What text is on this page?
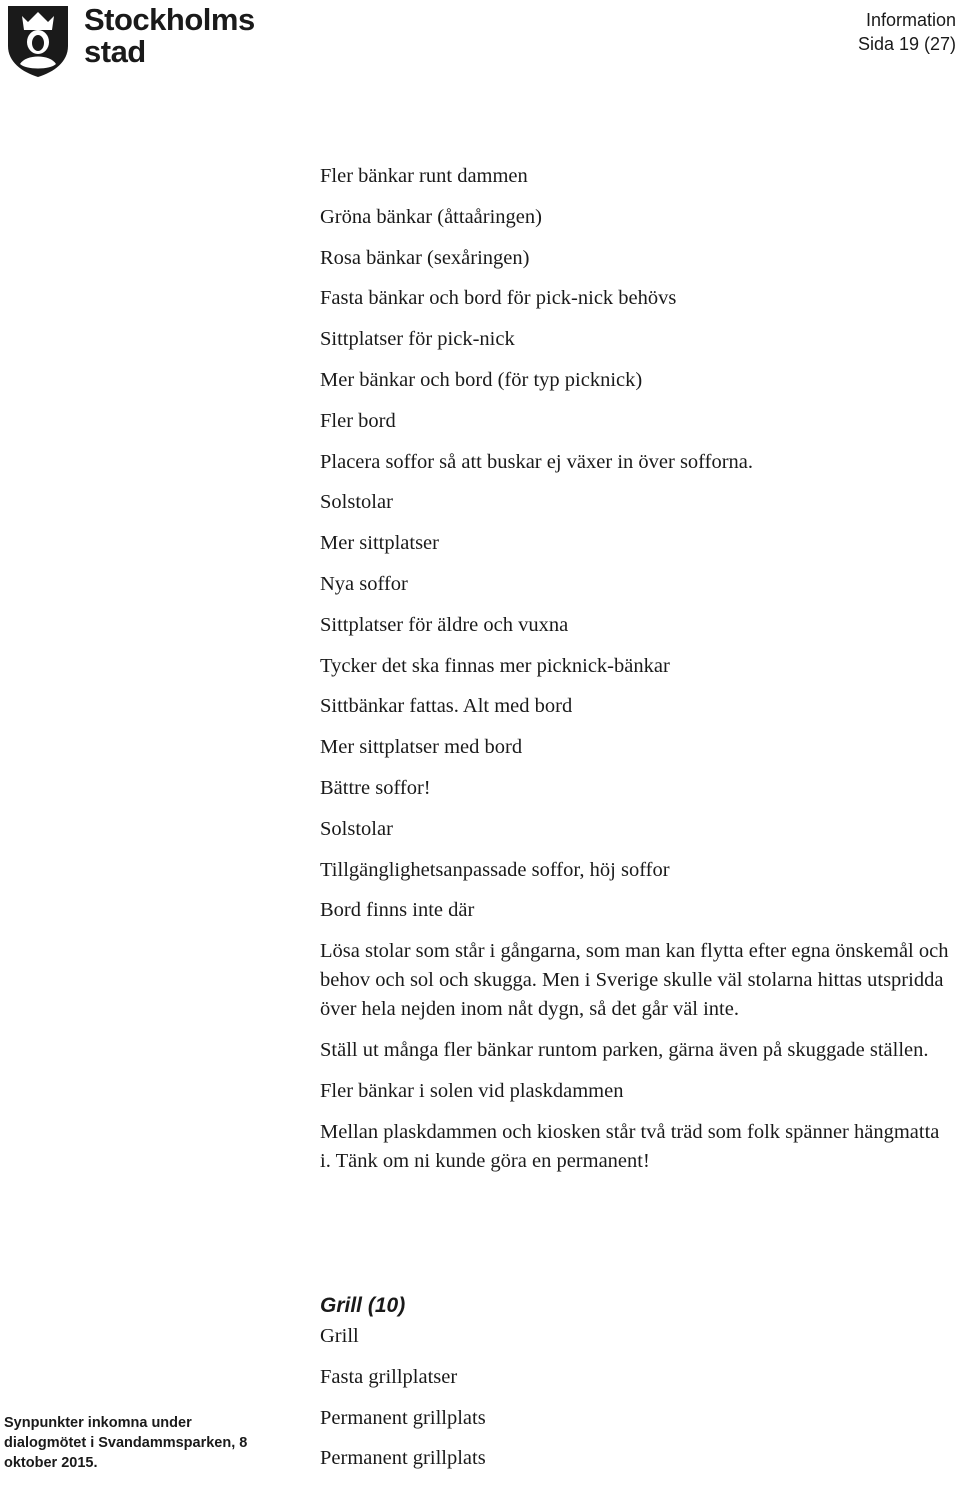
Stockholms
stad
Information
Sida 19 (27)
Fler bänkar runt dammen
Gröna bänkar (åttaåringen)
Rosa bänkar (sexåringen)
Fasta bänkar och bord för pick-nick behövs
Sittplatser för pick-nick
Mer bänkar och bord (för typ picknick)
Fler bord
Placera soffor så att buskar ej växer in över sofforna.
Solstolar
Mer sittplatser
Nya soffor
Sittplatser för äldre och vuxna
Tycker det ska finnas mer picknick-bänkar
Sittbänkar fattas. Alt med bord
Mer sittplatser med bord
Bättre soffor!
Solstolar
Tillgänglighetsanpassade soffor, höj soffor
Bord finns inte där
Lösa stolar som står i gångarna, som man kan flytta efter egna önskemål och behov och sol och skugga. Men i Sverige skulle väl stolarna hittas utspridda över hela nejden inom nåt dygn, så det går väl inte.
Ställ ut många fler bänkar runtom parken, gärna även på skuggade ställen.
Fler bänkar i solen vid plaskdammen
Mellan plaskdammen och kiosken står två träd som folk spänner hängmatta i. Tänk om ni kunde göra en permanent!
Grill (10)
Grill
Fasta grillplatser
Permanent grillplats
Permanent grillplats
Synpunkter inkomna under dialogmötet i Svandammsparken, 8 oktober 2015.
